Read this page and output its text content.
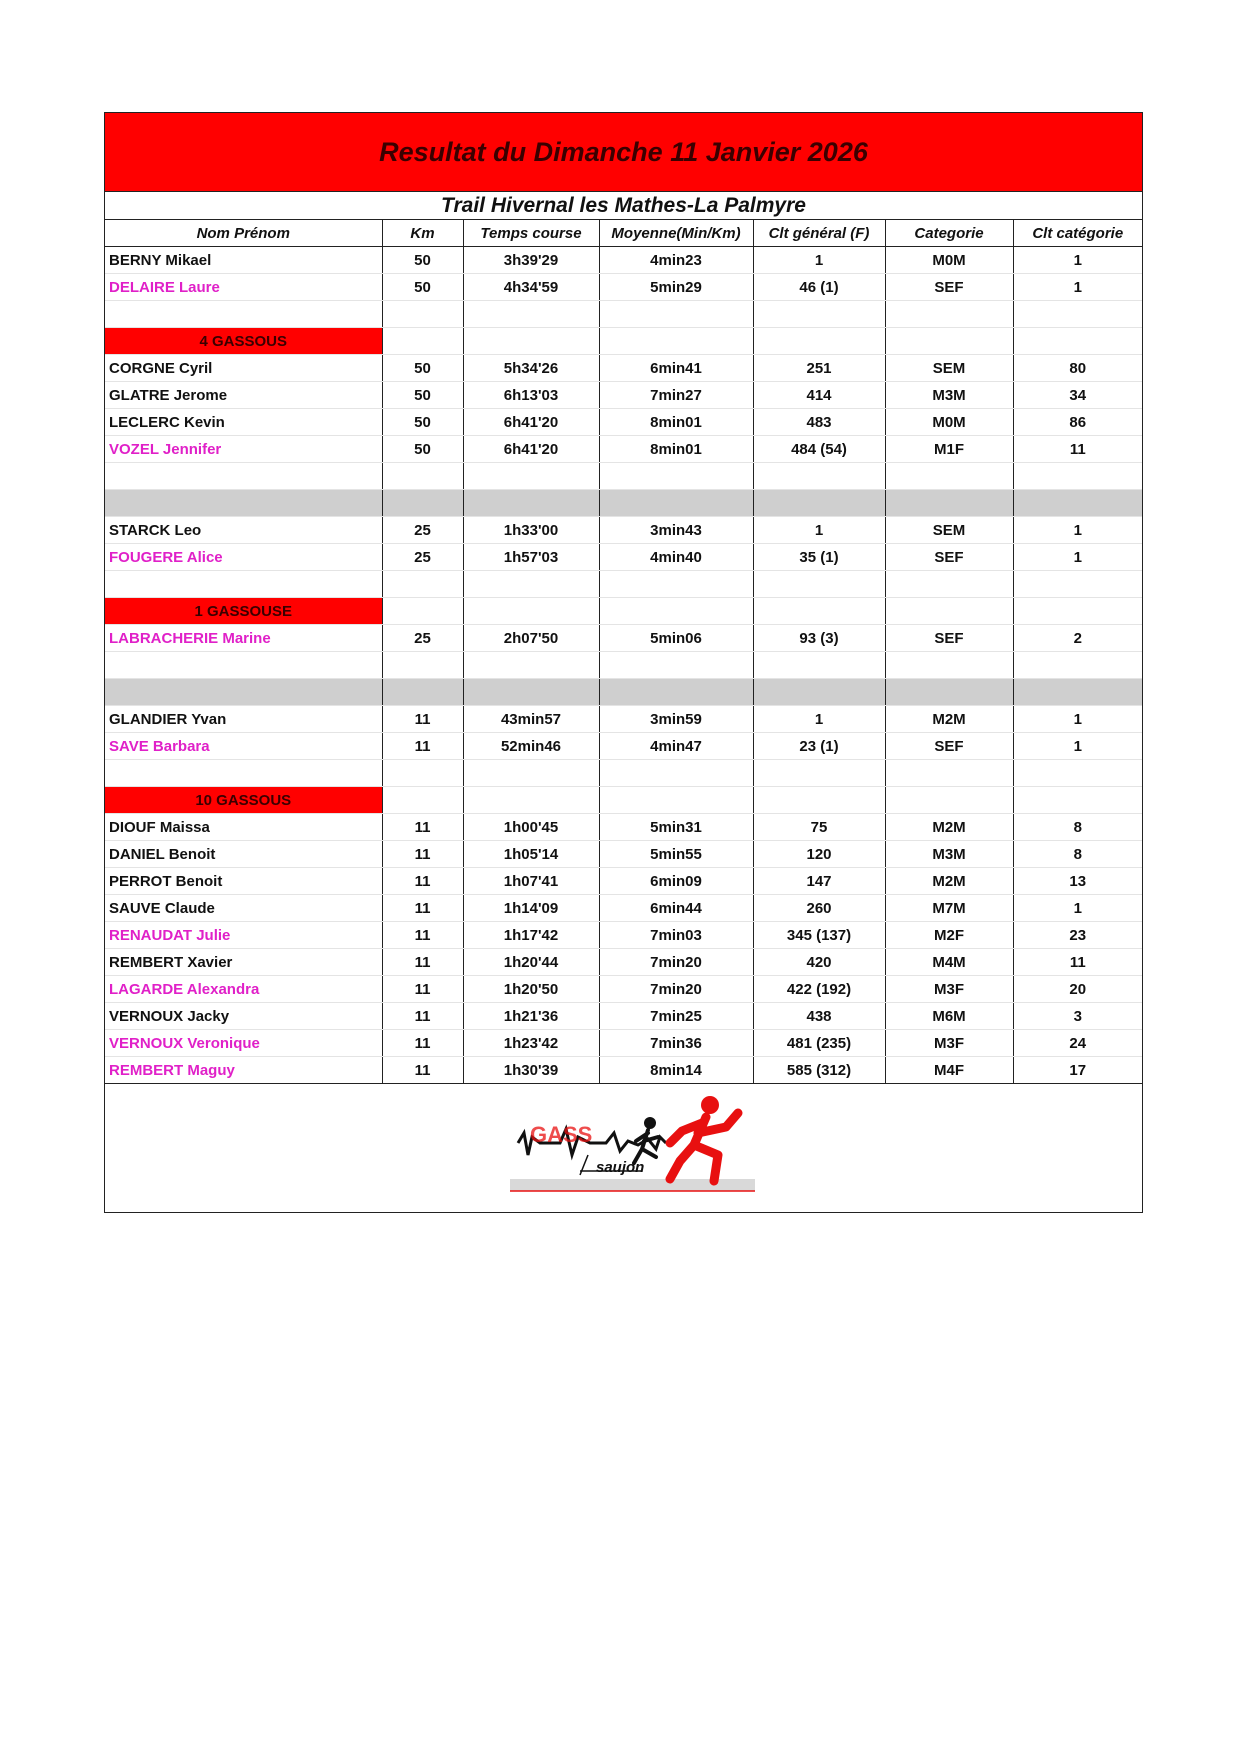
Resultat du Dimanche 11 Janvier 2026
Trail Hivernal les Mathes-La Palmyre
Nom Prénom	Km	Temps course	Moyenne(Min/Km)	Clt général (F)	Categorie	Clt catégorie
BERNY Mikael	50	3h39'29	4min23	1	M0M	1
DELAIRE Laure	50	4h34'59	5min29	46 (1)	SEF	1

4 GASSOUS						
CORGNE Cyril	50	5h34'26	6min41	251	SEM	80
GLATRE Jerome	50	6h13'03	7min27	414	M3M	34
LECLERC Kevin	50	6h41'20	8min01	483	M0M	86
VOZEL Jennifer	50	6h41'20	8min01	484 (54)	M1F	11

STARCK Leo	25	1h33'00	3min43	1	SEM	1
FOUGERE Alice	25	1h57'03	4min40	35 (1)	SEF	1

1 GASSOUSE						
LABRACHERIE Marine	25	2h07'50	5min06	93 (3)	SEF	2

GLANDIER Yvan	11	43min57	3min59	1	M2M	1
SAVE Barbara	11	52min46	4min47	23 (1)	SEF	1

10 GASSOUS						
DIOUF Maissa	11	1h00'45	5min31	75	M2M	8
DANIEL Benoit	11	1h05'14	5min55	120	M3M	8
PERROT Benoit	11	1h07'41	6min09	147	M2M	13
SAUVE Claude	11	1h14'09	6min44	260	M7M	1
RENAUDAT Julie	11	1h17'42	7min03	345 (137)	M2F	23
REMBERT Xavier	11	1h20'44	7min20	420	M4M	11
LAGARDE Alexandra	11	1h20'50	7min20	422 (192)	M3F	20
VERNOUX Jacky	11	1h21'36	7min25	438	M6M	3
VERNOUX Veronique	11	1h23'42	7min36	481 (235)	M3F	24
REMBERT Maguy	11	1h30'39	8min14	585 (312)	M4F	17
GASS
saujon
